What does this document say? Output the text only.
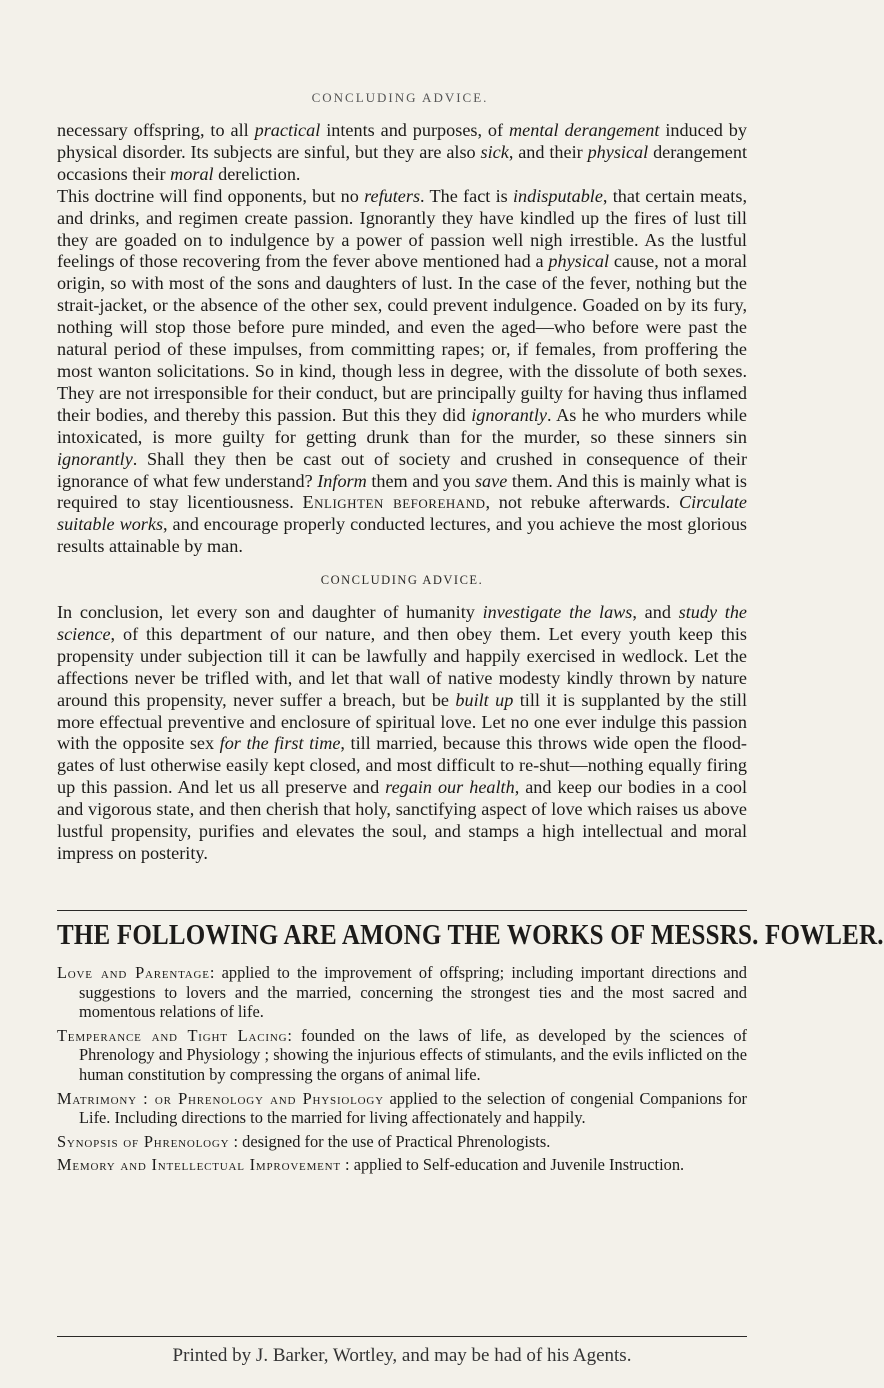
CONCLUDING ADVICE.

necessary offspring, to all practical intents and purposes, of mental derangement induced by physical disorder. Its subjects are sinful, but they are also sick, and their physical derangement occasions their moral dereliction.

This doctrine will find opponents, but no refuters. The fact is indisputable, that certain meats, and drinks, and regimen create passion. Ignorantly they have kindled up the fires of lust till they are goaded on to indulgence by a power of passion well nigh irrestible. As the lustful feelings of those recovering from the fever above mentioned had a physical cause, not a moral origin, so with most of the sons and daughters of lust. In the case of the fever, nothing but the strait-jacket, or the absence of the other sex, could prevent indulgence. Goaded on by its fury, nothing will stop those before pure minded, and even the aged—who before were past the natural period of these impulses, from committing rapes; or, if females, from proffering the most wanton solicitations. So in kind, though less in degree, with the dissolute of both sexes. They are not irresponsible for their conduct, but are principally guilty for having thus inflamed their bodies, and thereby this passion. But this they did ignorantly. As he who murders while intoxicated, is more guilty for getting drunk than for the murder, so these sinners sin ignorantly. Shall they then be cast out of society and crushed in consequence of their ignorance of what few understand? Inform them and you save them. And this is mainly what is required to stay licentiousness. Enlighten beforehand, not rebuke afterwards. Circulate suitable works, and encourage properly conducted lectures, and you achieve the most glorious results attainable by man.

CONCLUDING ADVICE.

In conclusion, let every son and daughter of humanity investigate the laws, and study the science, of this department of our nature, and then obey them. Let every youth keep this propensity under subjection till it can be lawfully and happily exercised in wedlock. Let the affections never be trifled with, and let that wall of native modesty kindly thrown by nature around this propensity, never suffer a breach, but be built up till it is supplanted by the still more effectual preventive and enclosure of spiritual love. Let no one ever indulge this passion with the opposite sex for the first time, till married, because this throws wide open the flood-gates of lust otherwise easily kept closed, and most difficult to re-shut—nothing equally firing up this passion. And let us all preserve and regain our health, and keep our bodies in a cool and vigorous state, and then cherish that holy, sanctifying aspect of love which raises us above lustful propensity, purifies and elevates the soul, and stamps a high intellectual and moral impress on posterity.

THE FOLLOWING ARE AMONG THE WORKS OF MESSRS. FOWLER.

Love and Parentage: applied to the improvement of offspring; including important directions and suggestions to lovers and the married, concerning the strongest ties and the most sacred and momentous relations of life.

Temperance and Tight Lacing: founded on the laws of life, as developed by the sciences of Phrenology and Physiology ; showing the injurious effects of stimulants, and the evils inflicted on the human constitution by compressing the organs of animal life.

Matrimony : or Phrenology and Physiology applied to the selection of congenial Companions for Life. Including directions to the married for living affectionately and happily.

Synopsis of Phrenology : designed for the use of Practical Phrenologists.

Memory and Intellectual Improvement : applied to Self-education and Juvenile Instruction.

Printed by J. Barker, Wortley, and may be had of his Agents.
